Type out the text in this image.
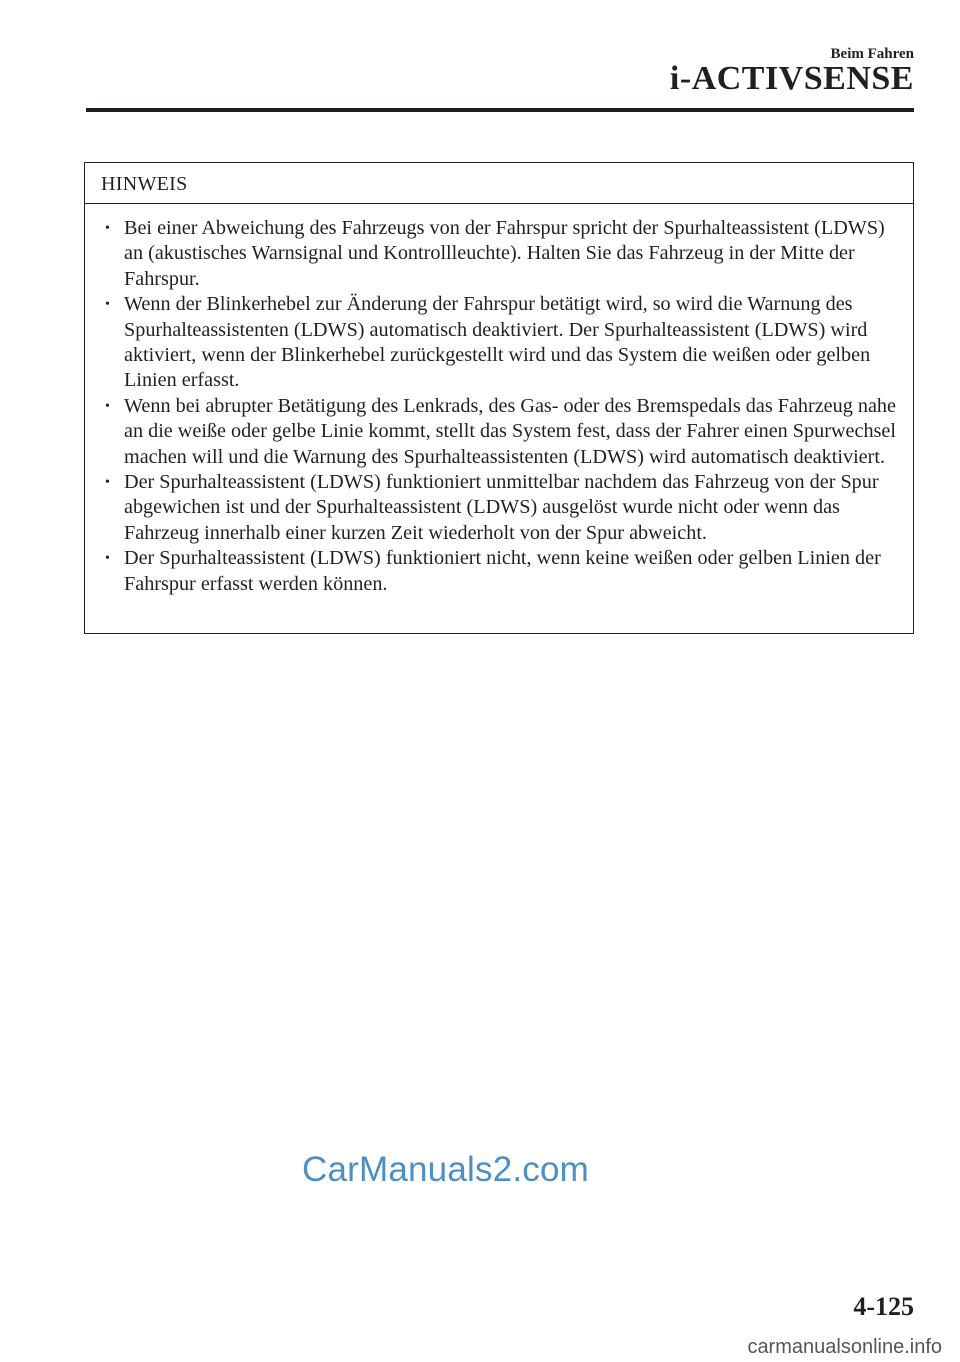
Beim Fahren
i-ACTIVSENSE
HINWEIS
• Bei einer Abweichung des Fahrzeugs von der Fahrspur spricht der Spurhalteassistent (LDWS) an (akustisches Warnsignal und Kontrollleuchte). Halten Sie das Fahrzeug in der Mitte der Fahrspur.
• Wenn der Blinkerhebel zur Änderung der Fahrspur betätigt wird, so wird die Warnung des Spurhalteassistenten (LDWS) automatisch deaktiviert. Der Spurhalteassistent (LDWS) wird aktiviert, wenn der Blinkerhebel zurückgestellt wird und das System die weißen oder gelben Linien erfasst.
• Wenn bei abrupter Betätigung des Lenkrads, des Gas- oder des Bremspedals das Fahrzeug nahe an die weiße oder gelbe Linie kommt, stellt das System fest, dass der Fahrer einen Spurwechsel machen will und die Warnung des Spurhalteassistenten (LDWS) wird automatisch deaktiviert.
• Der Spurhalteassistent (LDWS) funktioniert unmittelbar nachdem das Fahrzeug von der Spur abgewichen ist und der Spurhalteassistent (LDWS) ausgelöst wurde nicht oder wenn das Fahrzeug innerhalb einer kurzen Zeit wiederholt von der Spur abweicht.
• Der Spurhalteassistent (LDWS) funktioniert nicht, wenn keine weißen oder gelben Linien der Fahrspur erfasst werden können.
CarManuals2.com
4-125
carmanualsonline.info
